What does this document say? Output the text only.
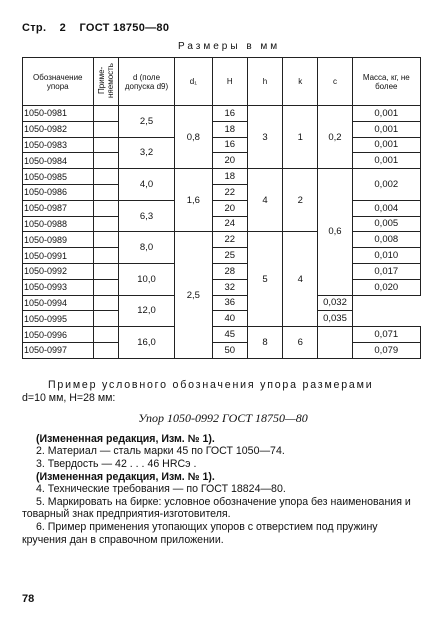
Стр. 2 ГОСТ 18750—80
Размеры в мм
Обозначение упора	Приме- няемость	d (поле допуска d9)	d₁	H	h	k	c	Масса, кг, не более
1050-0981		2,5	0,8	16	3	1	0,2	0,001
1050-0982				18				0,001
1050-0983		3,2		16				0,001
1050-0984				20				0,001
1050-0985		4,0	1,6	18	4	2	0,6	0,002
1050-0986				22				
1050-0987		6,3		20				0,004
1050-0988				24				0,005
1050-0989		8,0	2,5	22	5	4		0,008
1050-0991				25				0,010
1050-0992		10,0		28				0,017
1050-0993				32				0,020
1050-0994		12,0		36			0,032	
1050-0995				40			0,035	
1050-0996		16,0		45	8	6		0,071
1050-0997				50				0,079

Пример условного обозначения упора размерами

d=10 мм, H=28 мм:

Упор 1050-0992 ГОСТ 18750—80

(Измененная редакция, Изм. № 1).

2. Материал — сталь марки 45 по ГОСТ 1050—74.

3. Твердость — 42 . . . 46 HRCэ .

(Измененная редакция, Изм. № 1).

4. Технические требования — по ГОСТ 18824—80.

5. Маркировать на бирке: условное обозначение упора без наименования и товарный знак предприятия-изготовителя.

6. Пример применения утопающих упоров с отверстием под пружину кручения дан в справочном приложении.

78
